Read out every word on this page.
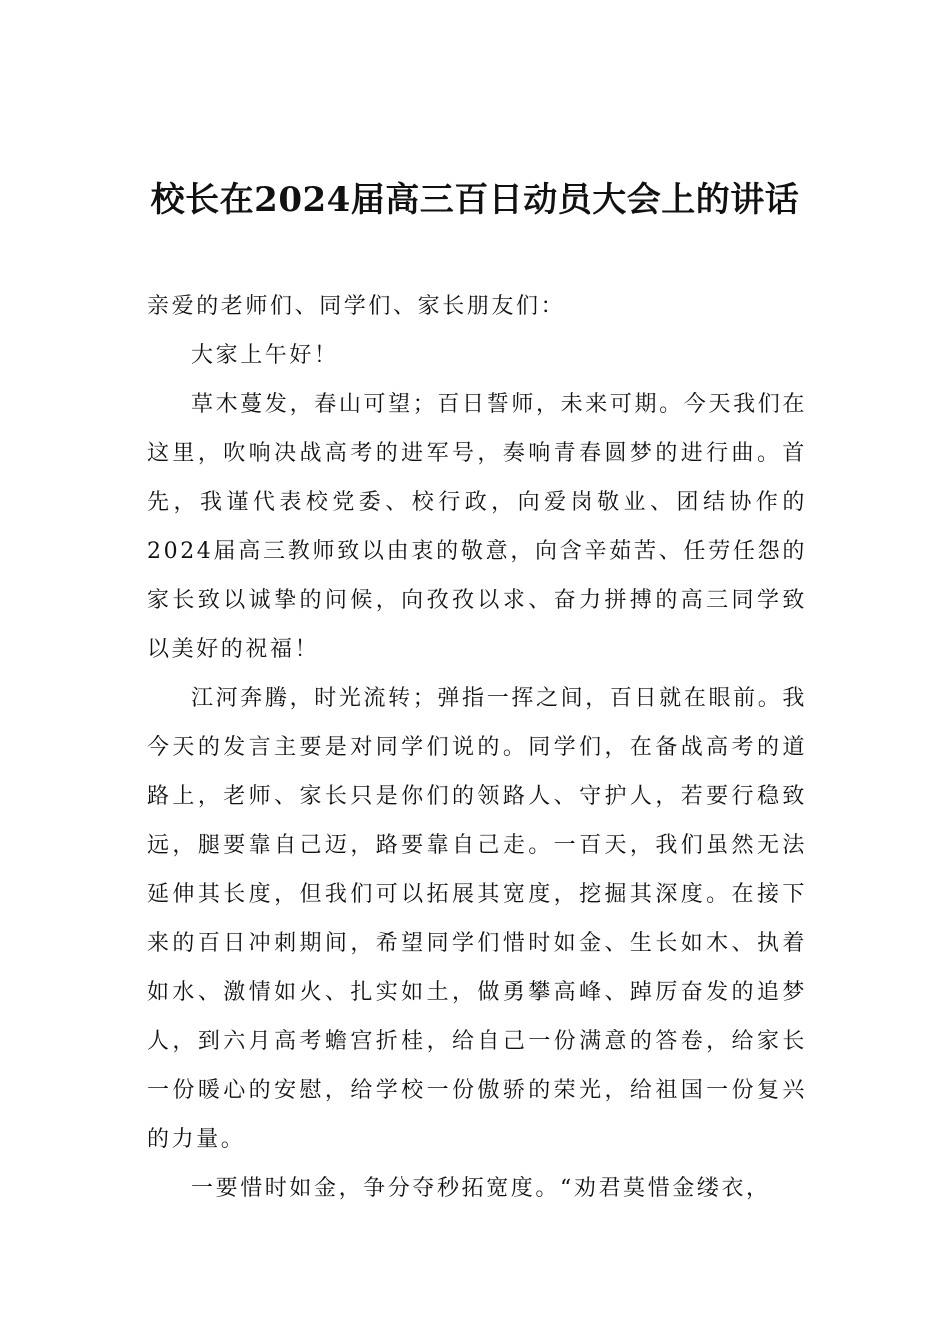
校长在2024届高三百日动员大会上的讲话

亲爱的老师们、同学们、家长朋友们：

大家上午好！

草木蔓发，春山可望；百日誓师，未来可期。今天我们在这里，吹响决战高考的进军号，奏响青春圆梦的进行曲。首先，我谨代表校党委、校行政，向爱岗敬业、团结协作的2024届高三教师致以由衷的敬意，向含辛茹苦、任劳任怨的家长致以诚挚的问候，向孜孜以求、奋力拼搏的高三同学致以美好的祝福！

江河奔腾，时光流转；弹指一挥之间，百日就在眼前。我今天的发言主要是对同学们说的。同学们，在备战高考的道路上，老师、家长只是你们的领路人、守护人，若要行稳致远，腿要靠自己迈，路要靠自己走。一百天，我们虽然无法延伸其长度，但我们可以拓展其宽度，挖掘其深度。在接下来的百日冲刺期间，希望同学们惜时如金、生长如木、执着如水、激情如火、扎实如土，做勇攀高峰、踔厉奋发的追梦人，到六月高考蟾宫折桂，给自己一份满意的答卷，给家长一份暖心的安慰，给学校一份傲骄的荣光，给祖国一份复兴的力量。

一要惜时如金，争分夺秒拓宽度。“劝君莫惜金缕衣，
